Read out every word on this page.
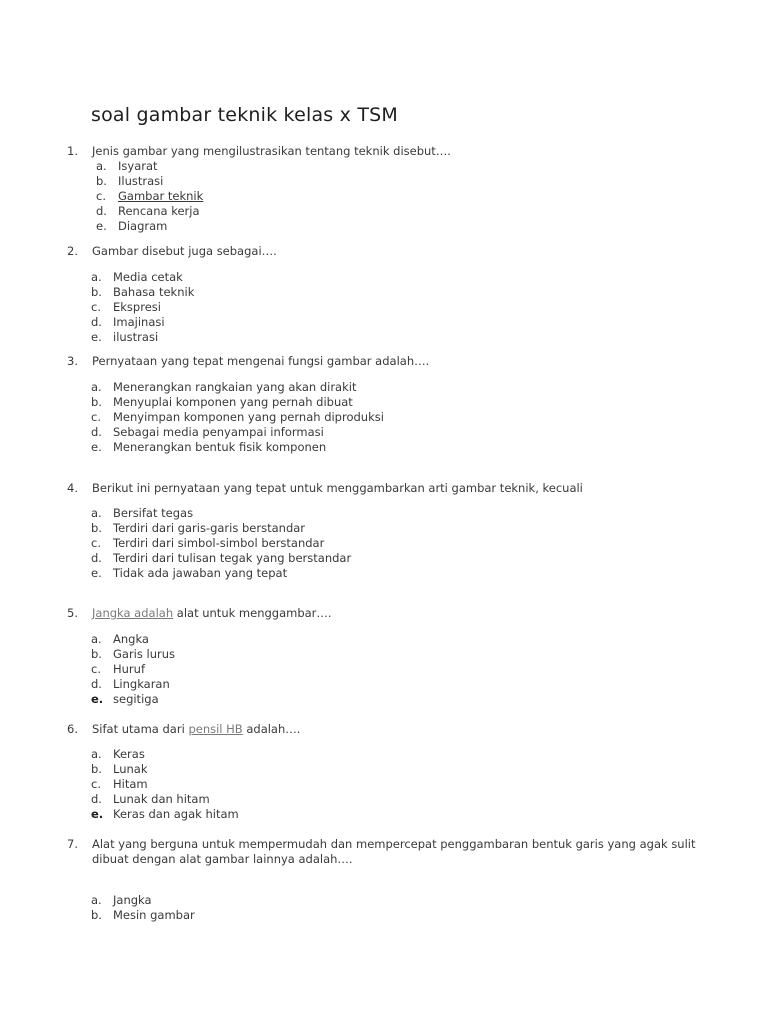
soal gambar teknik kelas x TSM
1. Jenis gambar yang mengilustrasikan tentang teknik disebut….
a. Isyarat
b. Ilustrasi
c. Gambar teknik
d. Rencana kerja
e. Diagram
2. Gambar disebut juga sebagai….
a. Media cetak
b. Bahasa teknik
c. Ekspresi
d. Imajinasi
e. ilustrasi
3. Pernyataan yang tepat mengenai fungsi gambar adalah….
a. Menerangkan rangkaian yang akan dirakit
b. Menyuplai komponen yang pernah dibuat
c. Menyimpan komponen yang pernah diproduksi
d. Sebagai media penyampai informasi
e. Menerangkan bentuk fisik komponen
4. Berikut ini pernyataan yang tepat untuk menggambarkan arti gambar teknik, kecuali
a. Bersifat tegas
b. Terdiri dari garis-garis berstandar
c. Terdiri dari simbol-simbol berstandar
d. Terdiri dari tulisan tegak yang berstandar
e. Tidak ada jawaban yang tepat
5. Jangka adalah alat untuk menggambar….
a. Angka
b. Garis lurus
c. Huruf
d. Lingkaran
e. segitiga
6. Sifat utama dari pensil HB adalah….
a. Keras
b. Lunak
c. Hitam
d. Lunak dan hitam
e. Keras dan agak hitam
7. Alat yang berguna untuk mempermudah dan mempercepat penggambaran bentuk garis yang agak sulit
dibuat dengan alat gambar lainnya adalah….
a. Jangka
b. Mesin gambar
